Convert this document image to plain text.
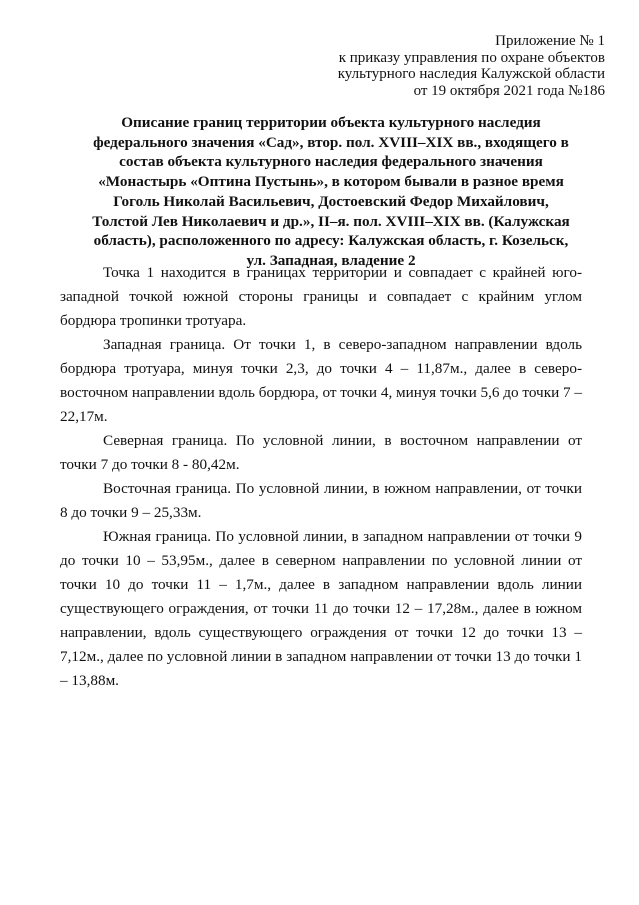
Приложение № 1
к приказу управления по охране объектов
культурного наследия Калужской области
от 19 октября 2021 года №186
Описание границ территории объекта культурного наследия федерального значения «Сад», втор. пол. XVIII–XIX вв., входящего в состав объекта культурного наследия федерального значения «Монастырь «Оптина Пустынь», в котором бывали в разное время Гоголь Николай Васильевич, Достоевский Федор Михайлович, Толстой Лев Николаевич и др.», II–я. пол. XVIII–XIX вв. (Калужская область), расположенного по адресу: Калужская область, г. Козельск, ул. Западная, владение 2

Точка 1 находится в границах территории и совпадает с крайней юго-западной точкой южной стороны границы и совпадает с крайним углом бордюра тропинки тротуара.

Западная граница. От точки 1, в северо-западном направлении вдоль бордюра тротуара, минуя точки 2,3, до точки 4 – 11,87м., далее в северо-восточном направлении вдоль бордюра, от точки 4, минуя точки 5,6 до точки 7 – 22,17м.

Северная граница. По условной линии, в восточном направлении от точки 7 до точки 8 - 80,42м.

Восточная граница. По условной линии, в южном направлении, от точки 8 до точки 9 – 25,33м.

Южная граница. По условной линии, в западном направлении от точки 9 до точки 10 – 53,95м., далее в северном направлении по условной линии от точки 10 до точки 11 – 1,7м., далее в западном направлении вдоль линии существующего ограждения, от точки 11 до точки 12 – 17,28м., далее в южном направлении, вдоль существующего ограждения от точки 12 до точки 13 – 7,12м., далее по условной линии в западном направлении от точки 13 до точки 1 – 13,88м.
